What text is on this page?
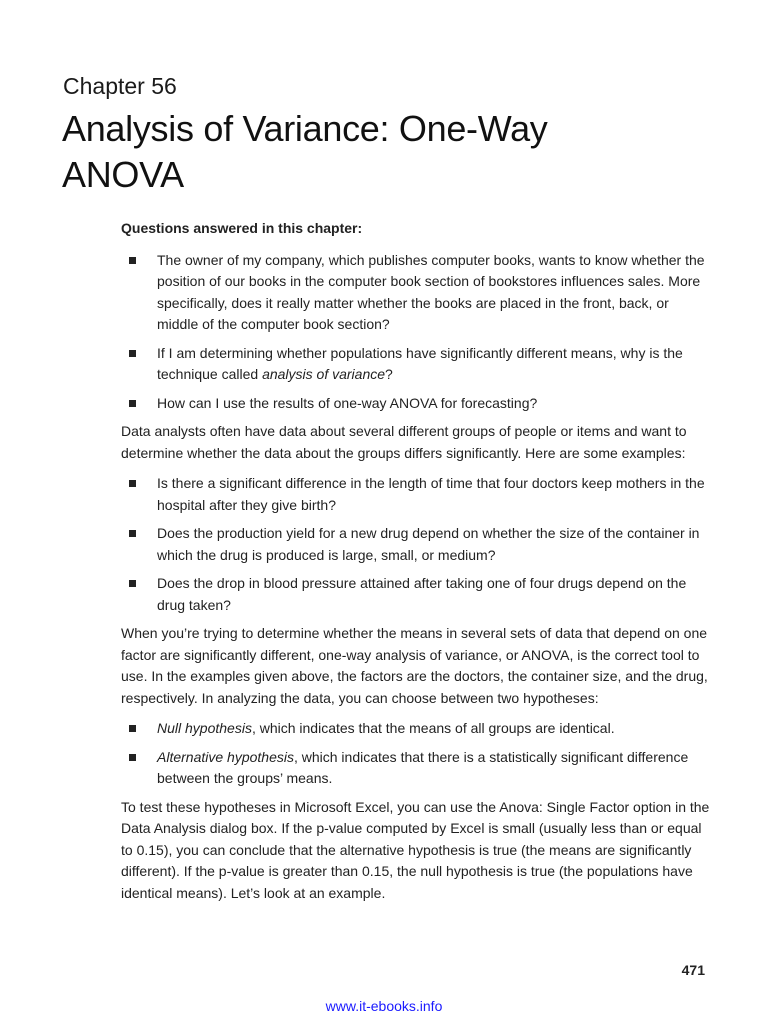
Chapter 56
Analysis of Variance: One-Way
ANOVA
Questions answered in this chapter:
The owner of my company, which publishes computer books, wants to know whether the position of our books in the computer book section of bookstores influences sales. More specifically, does it really matter whether the books are placed in the front, back, or middle of the computer book section?
If I am determining whether populations have significantly different means, why is the technique called analysis of variance?
How can I use the results of one-way ANOVA for forecasting?

Data analysts often have data about several different groups of people or items and want to determine whether the data about the groups differs significantly. Here are some examples:

Is there a significant difference in the length of time that four doctors keep mothers in the hospital after they give birth?
Does the production yield for a new drug depend on whether the size of the container in which the drug is produced is large, small, or medium?
Does the drop in blood pressure attained after taking one of four drugs depend on the drug taken?

When you’re trying to determine whether the means in several sets of data that depend on one factor are significantly different, one-way analysis of variance, or ANOVA, is the correct tool to use. In the examples given above, the factors are the doctors, the container size, and the drug, respectively. In analyzing the data, you can choose between two hypotheses:

Null hypothesis, which indicates that the means of all groups are identical.
Alternative hypothesis, which indicates that there is a statistically significant difference between the groups’ means.

To test these hypotheses in Microsoft Excel, you can use the Anova: Single Factor option in the Data Analysis dialog box. If the p-value computed by Excel is small (usually less than or equal to 0.15), you can conclude that the alternative hypothesis is true (the means are significantly different). If the p-value is greater than 0.15, the null hypothesis is true (the populations have identical means). Let’s look at an example.

471
www.it-ebooks.info
